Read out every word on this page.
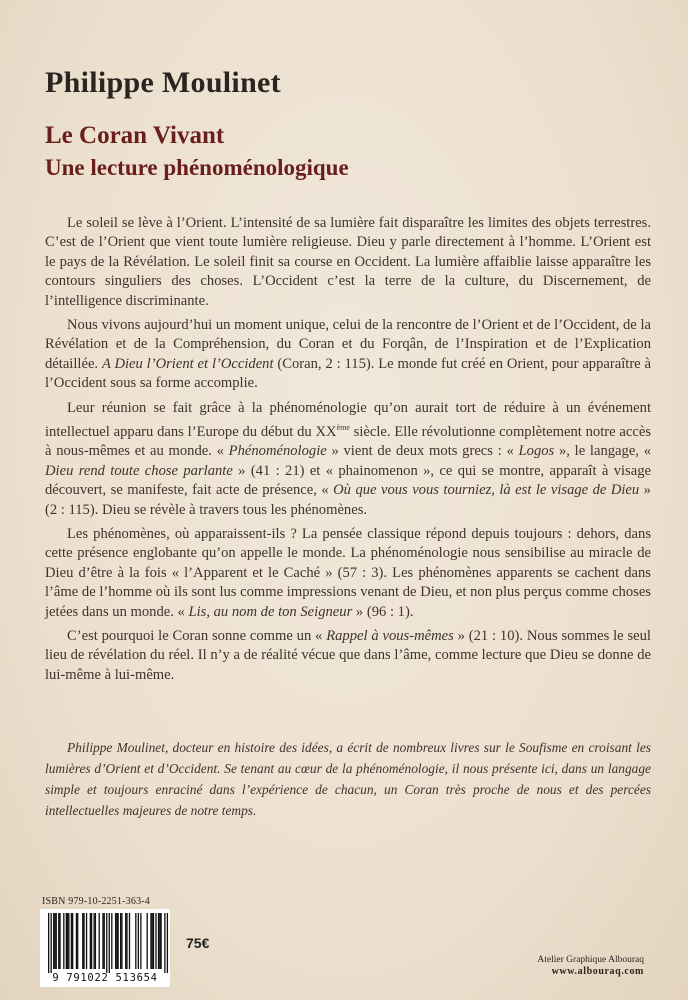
Philippe Moulinet
Le Coran Vivant
Une lecture phénoménologique

Le soleil se lève à l’Orient. L’intensité de sa lumière fait disparaître les limites des objets terrestres. C’est de l’Orient que vient toute lumière religieuse. Dieu y parle directement à l’homme. L’Orient est le pays de la Révélation. Le soleil finit sa course en Occident. La lumière affaiblie laisse apparaître les contours singuliers des choses. L’Occident c’est la terre de la culture, du Discernement, de l’intelligence discriminante.

Nous vivons aujourd’hui un moment unique, celui de la rencontre de l’Orient et de l’Occident, de la Révélation et de la Compréhension, du Coran et du Forqân, de l’Inspiration et de l’Explication détaillée. A Dieu l’Orient et l’Occident (Coran, 2 : 115). Le monde fut créé en Orient, pour apparaître à l’Occident sous sa forme accomplie.

Leur réunion se fait grâce à la phénoménologie qu’on aurait tort de réduire à un événement intellectuel apparu dans l’Europe du début du XXème siècle. Elle révolutionne complètement notre accès à nous-mêmes et au monde. « Phénoménologie » vient de deux mots grecs : « Logos », le langage, « Dieu rend toute chose parlante » (41 : 21) et « phainomenon », ce qui se montre, apparaît à visage découvert, se manifeste, fait acte de présence, « Où que vous vous tourniez, là est le visage de Dieu » (2 : 115). Dieu se révèle à travers tous les phénomènes.

Les phénomènes, où apparaissent-ils ? La pensée classique répond depuis toujours : dehors, dans cette présence englobante qu’on appelle le monde. La phénoménologie nous sensibilise au miracle de Dieu d’être à la fois « l’Apparent et le Caché » (57 : 3). Les phénomènes apparents se cachent dans l’âme de l’homme où ils sont lus comme impressions venant de Dieu, et non plus perçus comme choses jetées dans un monde. « Lis, au nom de ton Seigneur » (96 : 1).

C’est pourquoi le Coran sonne comme un « Rappel à vous-mêmes » (21 : 10). Nous sommes le seul lieu de révélation du réel. Il n’y a de réalité vécue que dans l’âme, comme lecture que Dieu se donne de lui-même à lui-même.

Philippe Moulinet, docteur en histoire des idées, a écrit de nombreux livres sur le Soufisme en croisant les lumières d’Orient et d’Occident. Se tenant au cœur de la phénoménologie, il nous présente ici, dans un langage simple et toujours enraciné dans l’expérience de chacun, un Coran très proche de nous et des percées intellectuelles majeures de notre temps.

ISBN 979-10-2251-363-4
9 791022 513654
75€
Atelier Graphique Albouraq
www.albouraq.com
